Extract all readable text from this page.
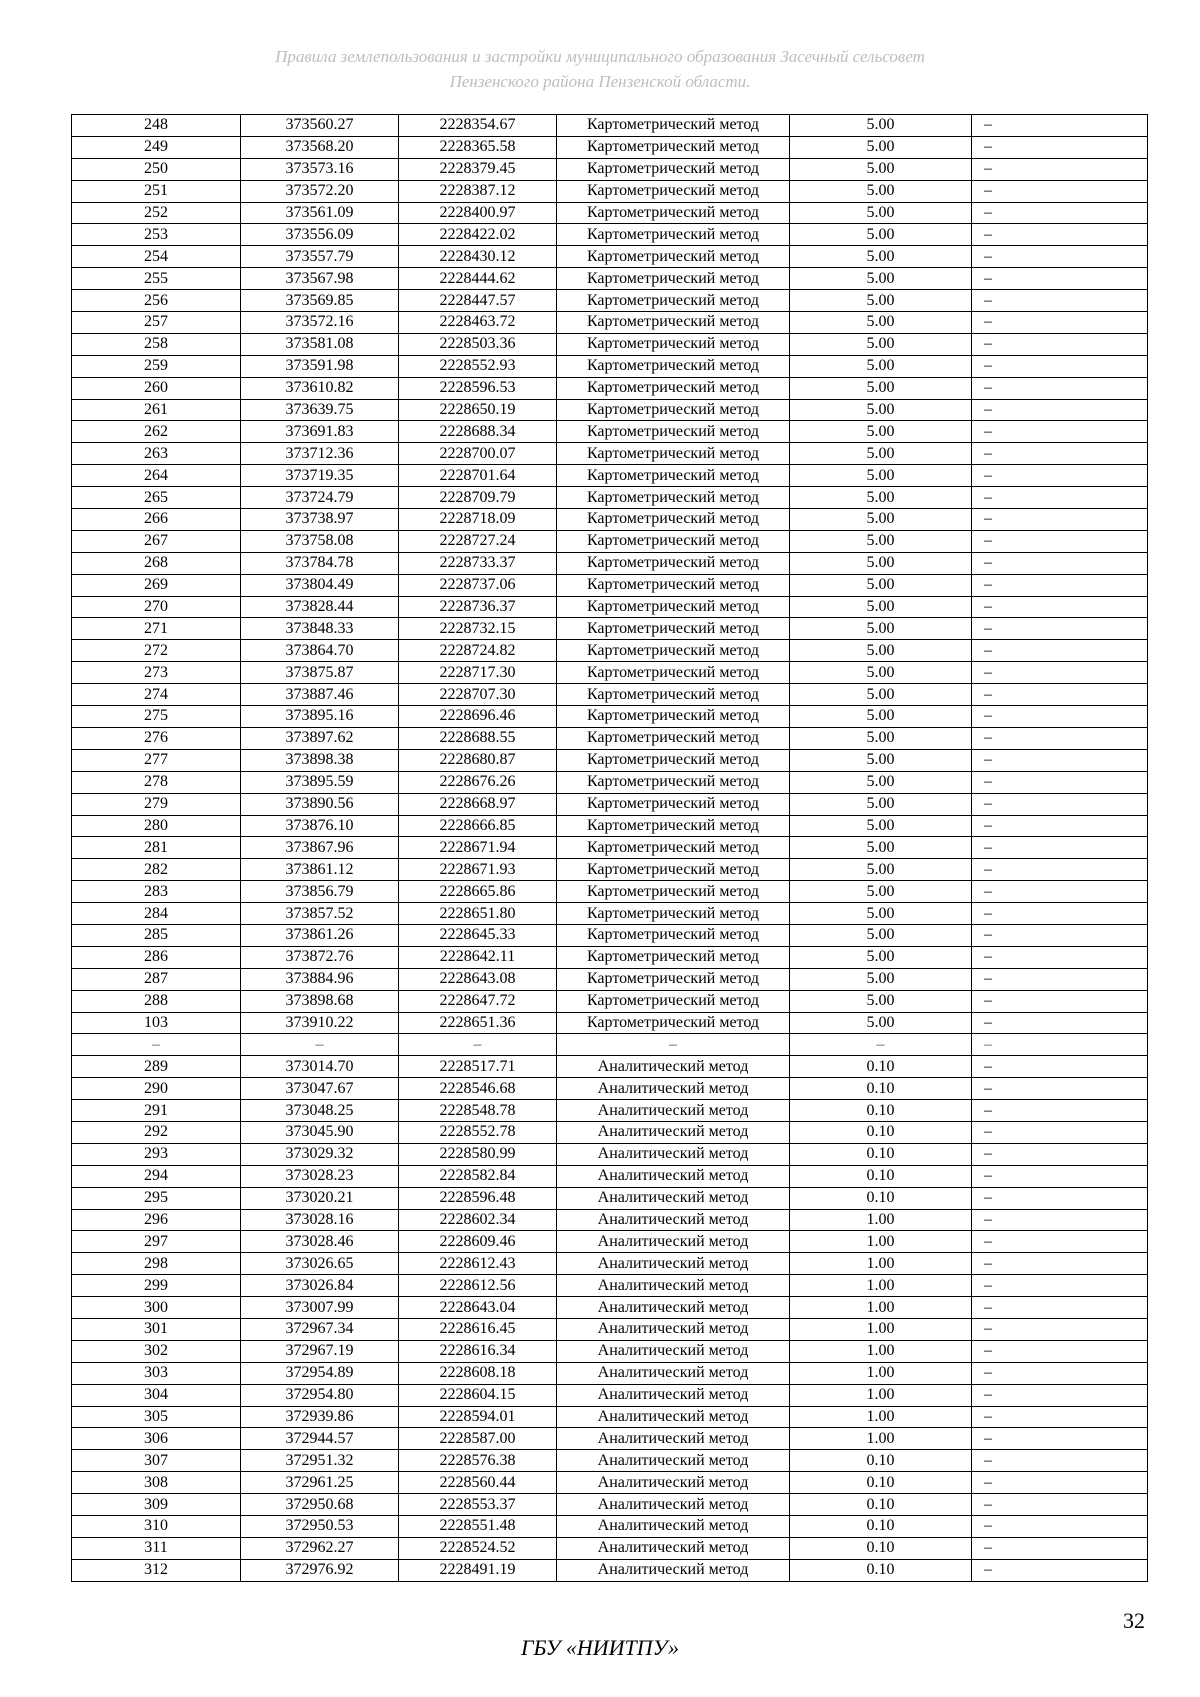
Правила землепользования и застройки муниципального образования Засечный сельсовет
Пензенского района Пензенской области.
248	373560.27	2228354.67	Картометрический метод	5.00	–
249	373568.20	2228365.58	Картометрический метод	5.00	–
250	373573.16	2228379.45	Картометрический метод	5.00	–
251	373572.20	2228387.12	Картометрический метод	5.00	–
252	373561.09	2228400.97	Картометрический метод	5.00	–
253	373556.09	2228422.02	Картометрический метод	5.00	–
254	373557.79	2228430.12	Картометрический метод	5.00	–
255	373567.98	2228444.62	Картометрический метод	5.00	–
256	373569.85	2228447.57	Картометрический метод	5.00	–
257	373572.16	2228463.72	Картометрический метод	5.00	–
258	373581.08	2228503.36	Картометрический метод	5.00	–
259	373591.98	2228552.93	Картометрический метод	5.00	–
260	373610.82	2228596.53	Картометрический метод	5.00	–
261	373639.75	2228650.19	Картометрический метод	5.00	–
262	373691.83	2228688.34	Картометрический метод	5.00	–
263	373712.36	2228700.07	Картометрический метод	5.00	–
264	373719.35	2228701.64	Картометрический метод	5.00	–
265	373724.79	2228709.79	Картометрический метод	5.00	–
266	373738.97	2228718.09	Картометрический метод	5.00	–
267	373758.08	2228727.24	Картометрический метод	5.00	–
268	373784.78	2228733.37	Картометрический метод	5.00	–
269	373804.49	2228737.06	Картометрический метод	5.00	–
270	373828.44	2228736.37	Картометрический метод	5.00	–
271	373848.33	2228732.15	Картометрический метод	5.00	–
272	373864.70	2228724.82	Картометрический метод	5.00	–
273	373875.87	2228717.30	Картометрический метод	5.00	–
274	373887.46	2228707.30	Картометрический метод	5.00	–
275	373895.16	2228696.46	Картометрический метод	5.00	–
276	373897.62	2228688.55	Картометрический метод	5.00	–
277	373898.38	2228680.87	Картометрический метод	5.00	–
278	373895.59	2228676.26	Картометрический метод	5.00	–
279	373890.56	2228668.97	Картометрический метод	5.00	–
280	373876.10	2228666.85	Картометрический метод	5.00	–
281	373867.96	2228671.94	Картометрический метод	5.00	–
282	373861.12	2228671.93	Картометрический метод	5.00	–
283	373856.79	2228665.86	Картометрический метод	5.00	–
284	373857.52	2228651.80	Картометрический метод	5.00	–
285	373861.26	2228645.33	Картометрический метод	5.00	–
286	373872.76	2228642.11	Картометрический метод	5.00	–
287	373884.96	2228643.08	Картометрический метод	5.00	–
288	373898.68	2228647.72	Картометрический метод	5.00	–
103	373910.22	2228651.36	Картометрический метод	5.00	–
–	–	–	–	–	–
289	373014.70	2228517.71	Аналитический метод	0.10	–
290	373047.67	2228546.68	Аналитический метод	0.10	–
291	373048.25	2228548.78	Аналитический метод	0.10	–
292	373045.90	2228552.78	Аналитический метод	0.10	–
293	373029.32	2228580.99	Аналитический метод	0.10	–
294	373028.23	2228582.84	Аналитический метод	0.10	–
295	373020.21	2228596.48	Аналитический метод	0.10	–
296	373028.16	2228602.34	Аналитический метод	1.00	–
297	373028.46	2228609.46	Аналитический метод	1.00	–
298	373026.65	2228612.43	Аналитический метод	1.00	–
299	373026.84	2228612.56	Аналитический метод	1.00	–
300	373007.99	2228643.04	Аналитический метод	1.00	–
301	372967.34	2228616.45	Аналитический метод	1.00	–
302	372967.19	2228616.34	Аналитический метод	1.00	–
303	372954.89	2228608.18	Аналитический метод	1.00	–
304	372954.80	2228604.15	Аналитический метод	1.00	–
305	372939.86	2228594.01	Аналитический метод	1.00	–
306	372944.57	2228587.00	Аналитический метод	1.00	–
307	372951.32	2228576.38	Аналитический метод	0.10	–
308	372961.25	2228560.44	Аналитический метод	0.10	–
309	372950.68	2228553.37	Аналитический метод	0.10	–
310	372950.53	2228551.48	Аналитический метод	0.10	–
311	372962.27	2228524.52	Аналитический метод	0.10	–
312	372976.92	2228491.19	Аналитический метод	0.10	–
32
ГБУ «НИИТПУ»
